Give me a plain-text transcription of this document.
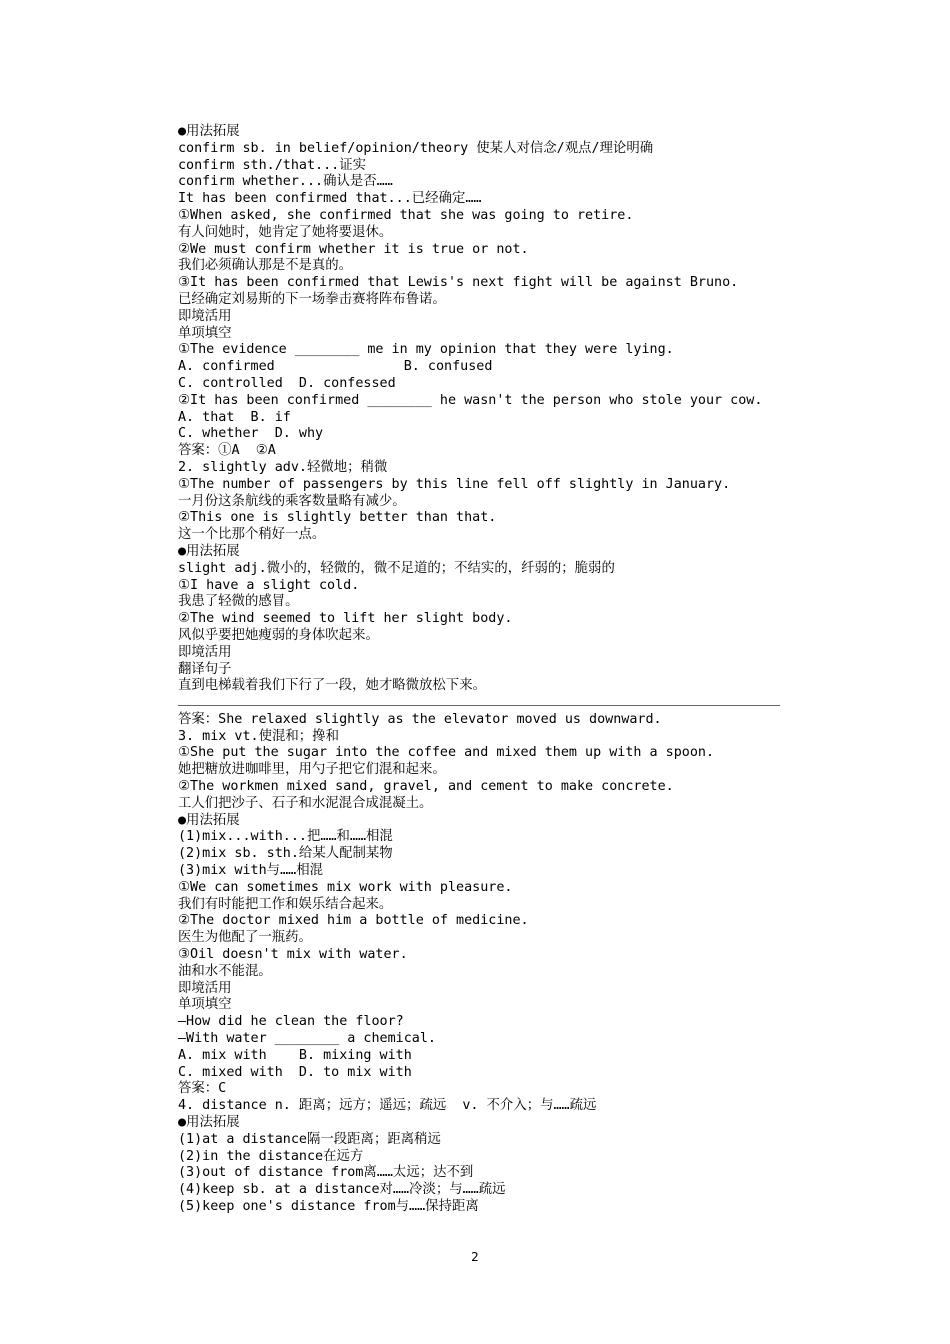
●用法拓展
confirm sb. in belief/opinion/theory 使某人对信念/观点/理论明确
confirm sth./that...证实
confirm whether...确认是否……
It has been confirmed that...已经确定……
①When asked, she confirmed that she was going to retire.
有人问她时，她肯定了她将要退休。
②We must confirm whether it is true or not.
我们必须确认那是不是真的。
③It has been confirmed that Lewis's next fight will be against Bruno.
已经确定刘易斯的下一场拳击赛将阵布鲁诺。
即境活用
单项填空
①The evidence ________ me in my opinion that they were lying.
A. confirmed                B. confused
C. controlled  D. confessed
②It has been confirmed ________ he wasn't the person who stole your cow.
A. that  B. if
C. whether  D. why
答案：①A  ②A
2. slightly adv.轻微地；稍微
①The number of passengers by this line fell off slightly in January.
一月份这条航线的乘客数量略有减少。
②This one is slightly better than that.
这一个比那个稍好一点。
●用法拓展
slight adj.微小的，轻微的，微不足道的；不结实的，纤弱的；脆弱的
①I have a slight cold.
我患了轻微的感冒。
②The wind seemed to lift her slight body.
风似乎要把她瘦弱的身体吹起来。
即境活用
翻译句子
直到电梯载着我们下行了一段，她才略微放松下来。
答案：She relaxed slightly as the elevator moved us downward.
3. mix vt.使混和；搀和
①She put the sugar into the coffee and mixed them up with a spoon.
她把糖放进咖啡里，用勺子把它们混和起来。
②The workmen mixed sand, gravel, and cement to make concrete.
工人们把沙子、石子和水泥混合成混凝土。
●用法拓展
(1)mix...with...把……和……相混
(2)mix sb. sth.给某人配制某物
(3)mix with与……相混
①We can sometimes mix work with pleasure.
我们有时能把工作和娱乐结合起来。
②The doctor mixed him a bottle of medicine.
医生为他配了一瓶药。
③Oil doesn't mix with water.
油和水不能混。
即境活用
单项填空
—How did he clean the floor?
—With water ________ a chemical.
A. mix with    B. mixing with
C. mixed with  D. to mix with
答案：C
4. distance n. 距离；远方；遥远；疏远  v. 不介入；与……疏远
●用法拓展
(1)at a distance隔一段距离；距离稍远
(2)in the distance在远方
(3)out of distance from离……太远；达不到
(4)keep sb. at a distance对……冷淡；与……疏远
(5)keep one's distance from与……保持距离
2
